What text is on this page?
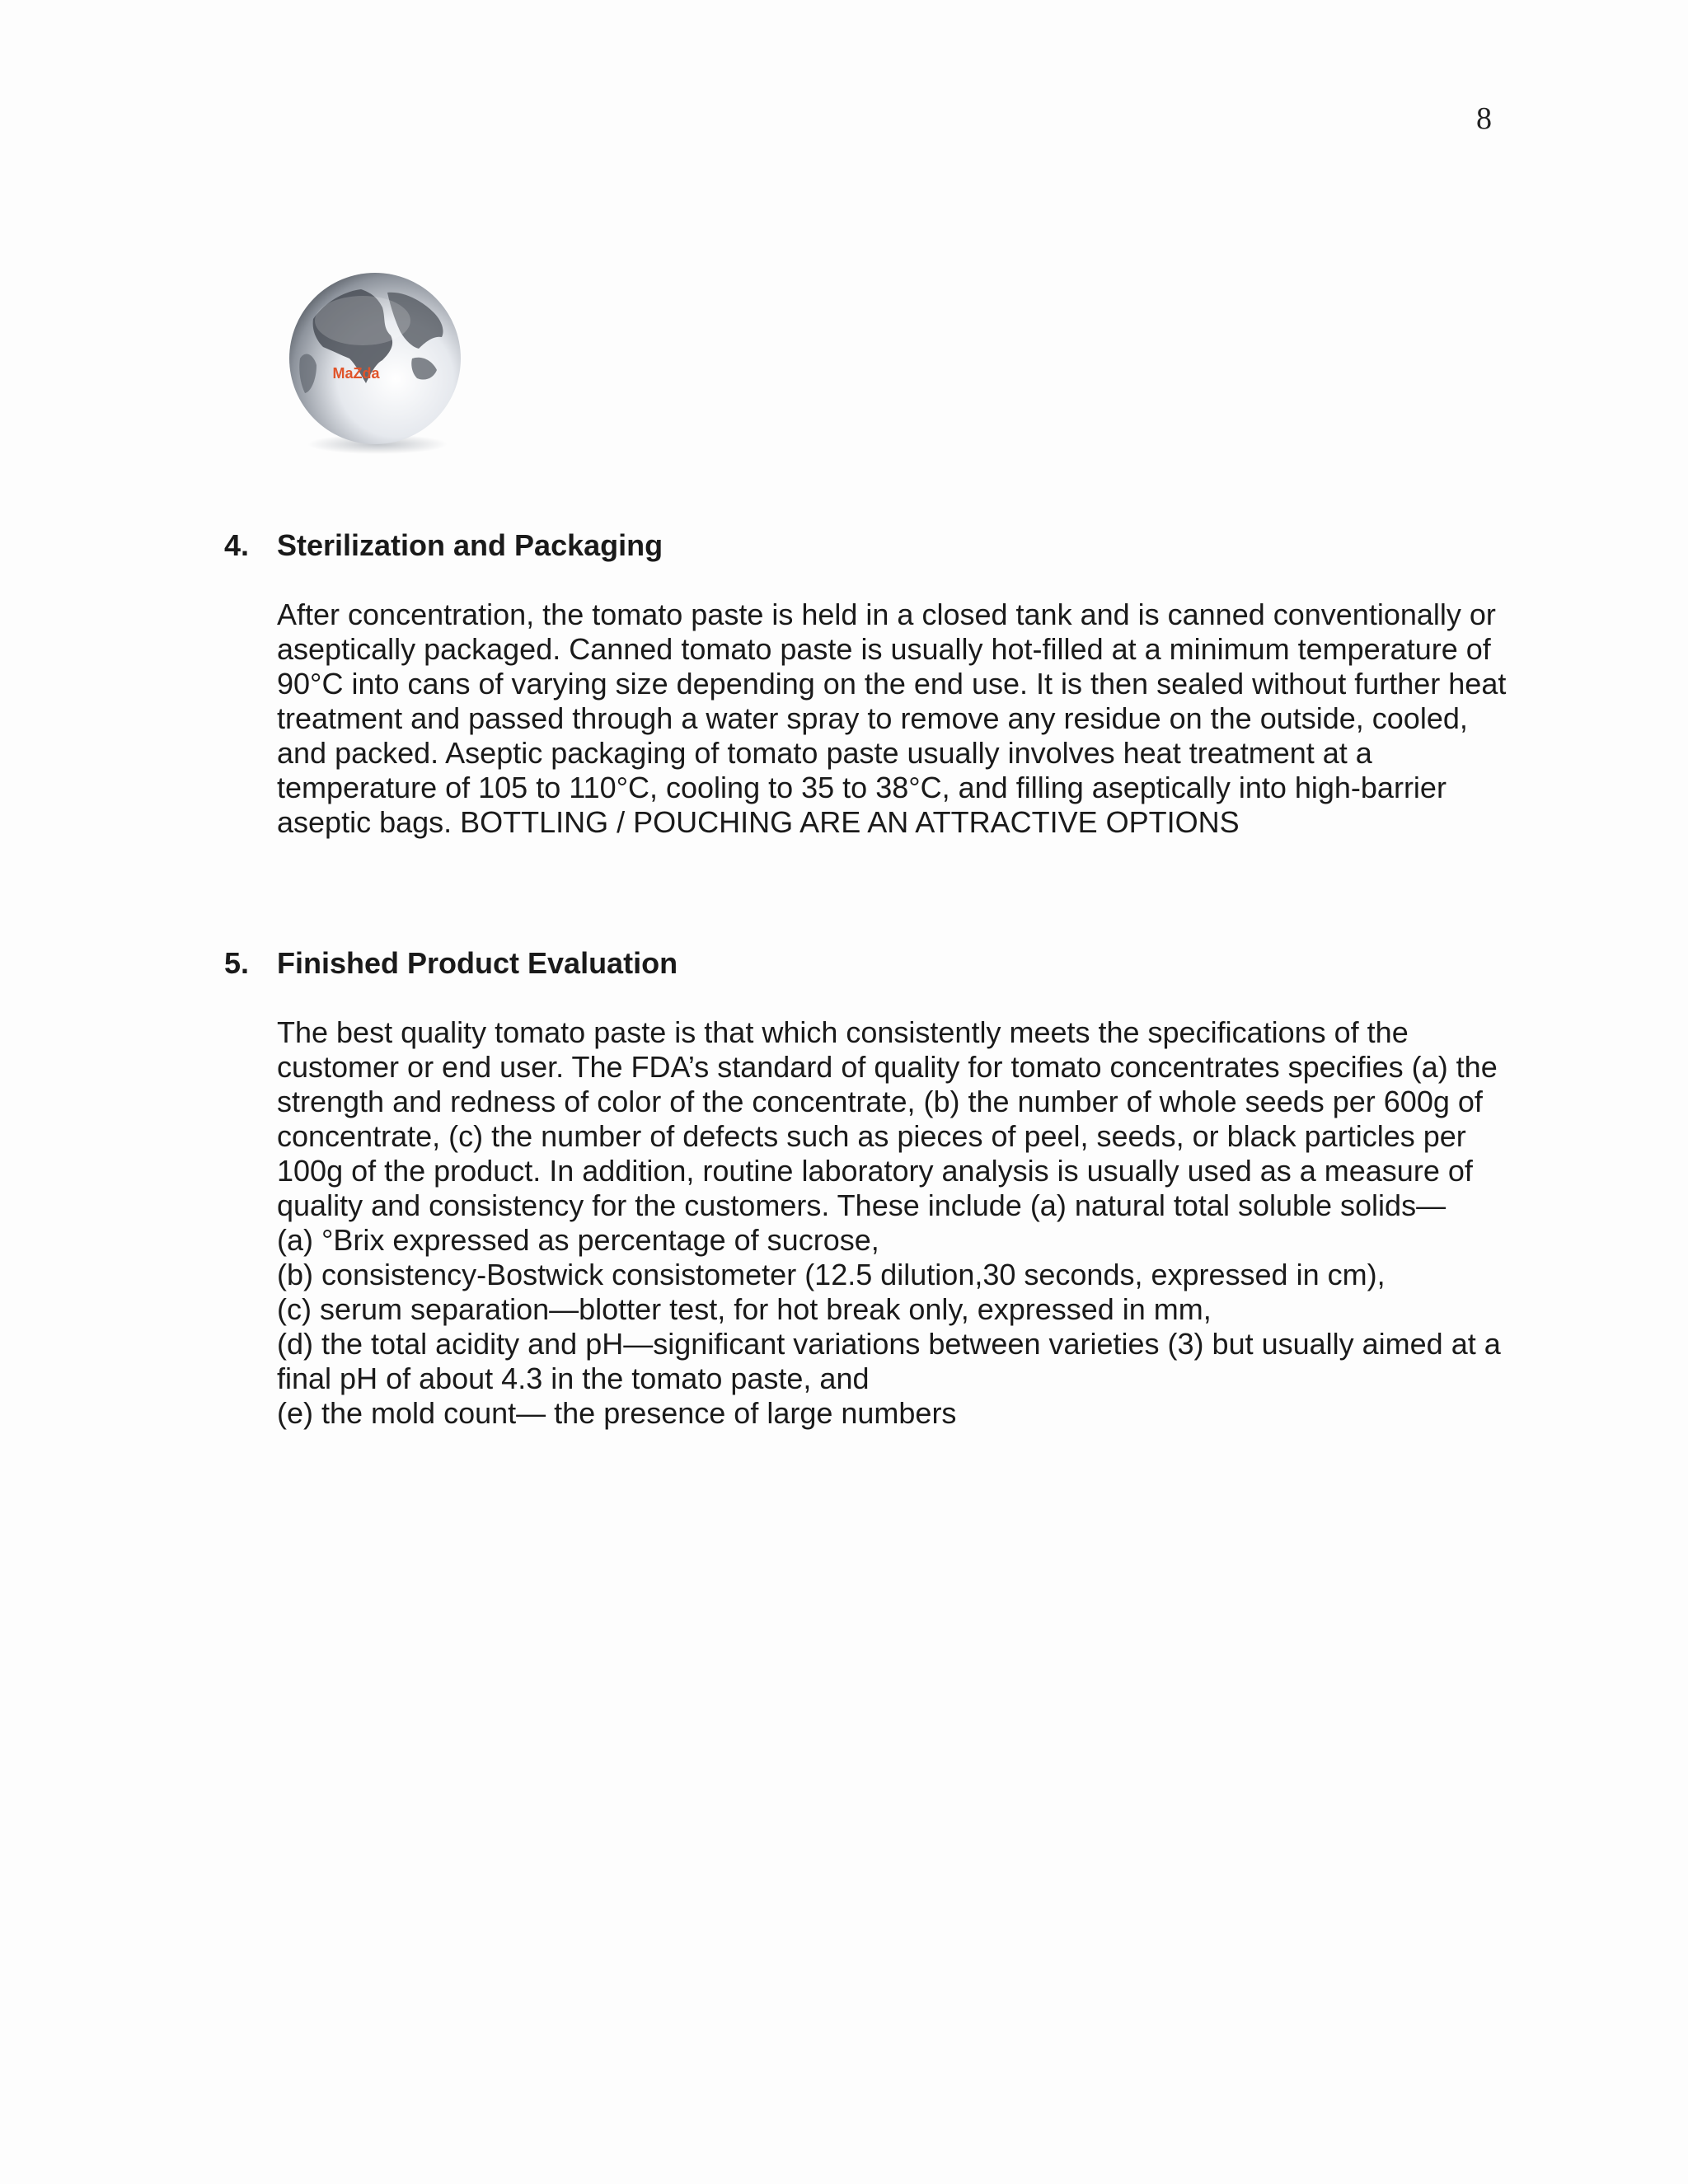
8
MaZda
4. Sterilization and Packaging

After concentration, the tomato paste is held in a closed tank and is canned conventionally or aseptically packaged. Canned tomato paste is usually hot-filled at a minimum temperature of 90°C into cans of varying size depending on the end use. It is then sealed without further heat treatment and passed through a water spray to remove any residue on the outside, cooled, and packed. Aseptic packaging of tomato paste usually involves heat treatment at a temperature of 105 to 110°C, cooling to 35 to 38°C, and filling aseptically into high-barrier aseptic bags. BOTTLING / POUCHING ARE AN ATTRACTIVE OPTIONS

5. Finished Product Evaluation

The best quality tomato paste is that which consistently meets the specifications of the customer or end user. The FDA’s standard of quality for tomato concentrates specifies (a) the strength and redness of color of the concentrate, (b) the number of whole seeds per 600g of concentrate, (c) the number of defects such as pieces of peel, seeds, or black particles per 100g of the product. In addition, routine laboratory analysis is usually used as a measure of quality and consistency for the customers. These include (a) natural total soluble solids—

(a) °Brix expressed as percentage of sucrose,
(b) consistency-Bostwick consistometer (12.5 dilution,30 seconds, expressed in cm),
(c) serum separation—blotter test, for hot break only, expressed in mm,
(d) the total acidity and pH—significant variations between varieties (3) but usually aimed at a final pH of about 4.3 in the tomato paste, and
(e) the mold count— the presence of large numbers
